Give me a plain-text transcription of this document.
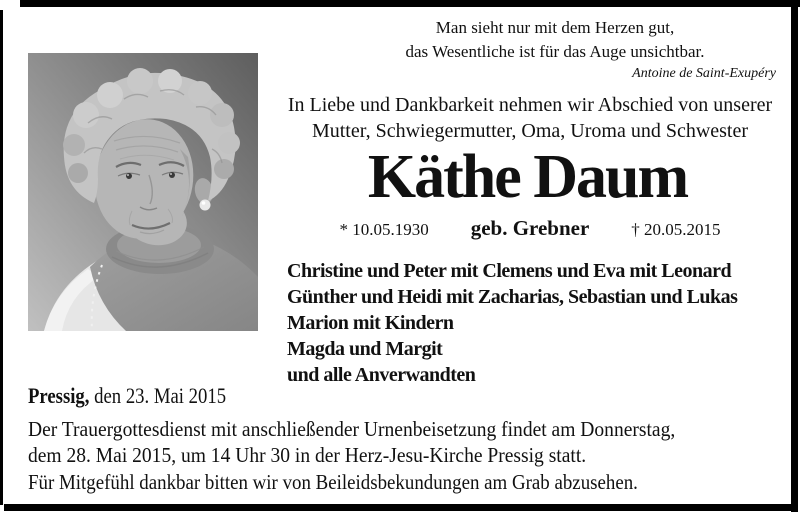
Man sieht nur mit dem Herzen gut,
das Wesentliche ist für das Auge unsichtbar.
Antoine de Saint-Exupéry
In Liebe und Dankbarkeit nehmen wir Abschied von unserer
Mutter, Schwiegermutter, Oma, Uroma und Schwester
Käthe Daum
* 10.05.1930 geb. Grebner † 20.05.2015
Christine und Peter mit Clemens und Eva mit Leonard
Günther und Heidi mit Zacharias, Sebastian und Lukas
Marion mit Kindern
Magda und Margit
und alle Anverwandten
Pressig, den 23. Mai 2015
Der Trauergottesdienst mit anschließender Urnenbeisetzung findet am Donnerstag,
dem 28. Mai 2015, um 14 Uhr 30 in der Herz-Jesu-Kirche Pressig statt.
Für Mitgefühl dankbar bitten wir von Beileidsbekundungen am Grab abzusehen.
